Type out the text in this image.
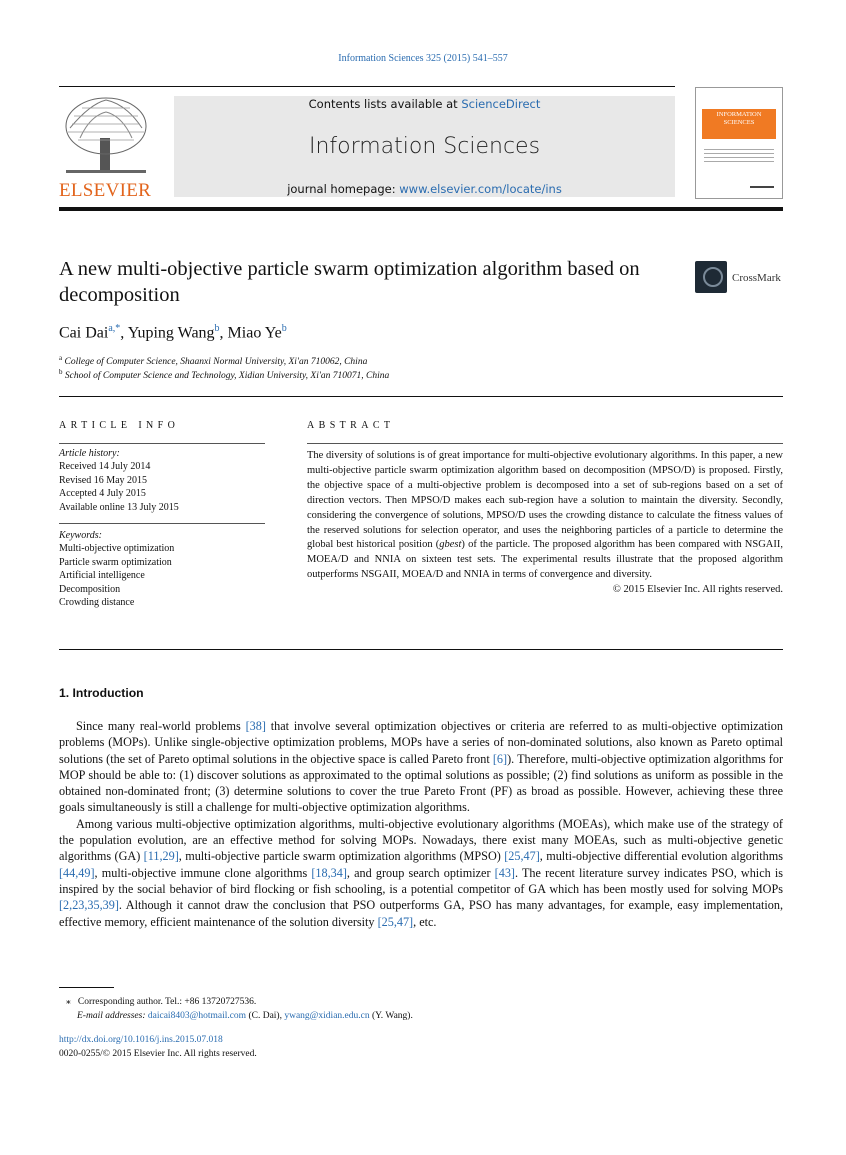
Information Sciences 325 (2015) 541–557
ELSEVIER
Contents lists available at ScienceDirect
Information Sciences
journal homepage: www.elsevier.com/locate/ins
INFORMATION SCIENCES
A new multi-objective particle swarm optimization algorithm based on decomposition
CrossMark
Cai Dai$^{a,*}$, Yuping Wang$^b$, Miao Ye$^b$
$^a$ College of Computer Science, Shaanxi Normal University, Xi'an 710062, China
$^b$ School of Computer Science and Technology, Xidian University, Xi'an 710071, China
ARTICLE INFO
Article history:
Received 14 July 2014
Revised 16 May 2015
Accepted 4 July 2015
Available online 13 July 2015
Keywords:
Multi-objective optimization
Particle swarm optimization
Artificial intelligence
Decomposition
Crowding distance
ABSTRACT
The diversity of solutions is of great importance for multi-objective evolutionary algorithms. In this paper, a new multi-objective particle swarm optimization algorithm based on decomposition (MPSO/D) is proposed. Firstly, the objective space of a multi-objective problem is decomposed into a set of sub-regions based on a set of direction vectors. Then MPSO/D makes each sub-region have a solution to maintain the diversity. Secondly, considering the convergence of solutions, MPSO/D uses the crowding distance to calculate the fitness values of the reserved solutions for selection operator, and uses the neighboring particles of a particle to determine the global best historical position (gbest) of the particle. The proposed algorithm has been compared with NSGAII, MOEA/D and NNIA on sixteen test sets. The experimental results illustrate that the proposed algorithm outperforms NSGAII, MOEA/D and NNIA in terms of convergence and diversity.
© 2015 Elsevier Inc. All rights reserved.
1. Introduction

Since many real-world problems [38] that involve several optimization objectives or criteria are referred to as multi-objective optimization problems (MOPs). Unlike single-objective optimization problems, MOPs have a series of non-dominated solutions, also known as Pareto optimal solutions (the set of Pareto optimal solutions in the objective space is called Pareto front [6]). Therefore, multi-objective optimization algorithms for MOP should be able to: (1) discover solutions as approximated to the optimal solutions as possible; (2) find solutions as uniform as possible in the obtained non-dominated front; (3) determine solutions to cover the true Pareto Front (PF) as broad as possible. However, achieving these three goals simultaneously is still a challenge for multi-objective optimization algorithms.

Among various multi-objective optimization algorithms, multi-objective evolutionary algorithms (MOEAs), which make use of the strategy of the population evolution, are an effective method for solving MOPs. Nowadays, there exist many MOEAs, such as multi-objective genetic algorithms (GA) [11,29], multi-objective particle swarm optimization algorithms (MPSO) [25,47], multi-objective differential evolution algorithms [44,49], multi-objective immune clone algorithms [18,34], and group search optimizer [43]. The recent literature survey indicates PSO, which is inspired by the social behavior of bird flocking or fish schooling, is a potential competitor of GA which has been mostly used for solving MOPs [2,23,35,39]. Although it cannot draw the conclusion that PSO outperforms GA, PSO has many advantages, for example, easy implementation, effective memory, efficient maintenance of the solution diversity [25,47], etc.

⁎ Corresponding author. Tel.: +86 13720727536.
E-mail addresses: daicai8403@hotmail.com (C. Dai), ywang@xidian.edu.cn (Y. Wang).
http://dx.doi.org/10.1016/j.ins.2015.07.018
0020-0255/© 2015 Elsevier Inc. All rights reserved.
